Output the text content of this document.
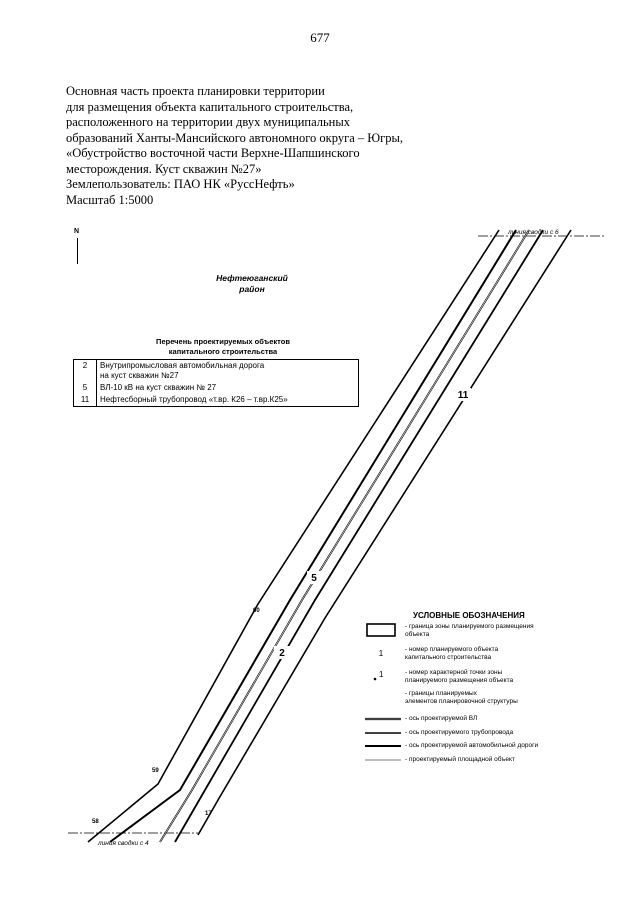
677
Основная часть проекта планировки территории
для размещения объекта капитального строительства,
расположенного на территории двух муниципальных
образований Ханты-Мансийского автономного округа – Югры,
«Обустройство восточной части Верхне-Шапшинского
месторождения. Куст скважин №27»
Землепользователь: ПАО НК «РуссНефть»
Масштаб 1:5000
N
Нефтеюганский
район
Перечень проектируемых объектов
капитального строительства
2	Внутрипромысловая автомобильная дорога
на куст скважин №27

5	ВЛ-10 кВ на куст скважин № 27
11	Нефтесборный трубопровод «т.вр. К26 – т.вр.К25»
2
5
11
60
59
58
17
линия сводки с 6
линия сводки с 4
УСЛОВНЫЕ ОБОЗНАЧЕНИЯ
- граница зоны планируемого размещения
объекта
1	- номер планируемого объекта
капитального строительства
1	- номер характерной точки зоны
планируемого размещения объекта
- границы планируемых
элементов планировочной структуры
- ось проектируемой ВЛ
- ось проектируемого трубопровода
- ось проектируемой автомобильной дороги
- проектируемый площадной объект
